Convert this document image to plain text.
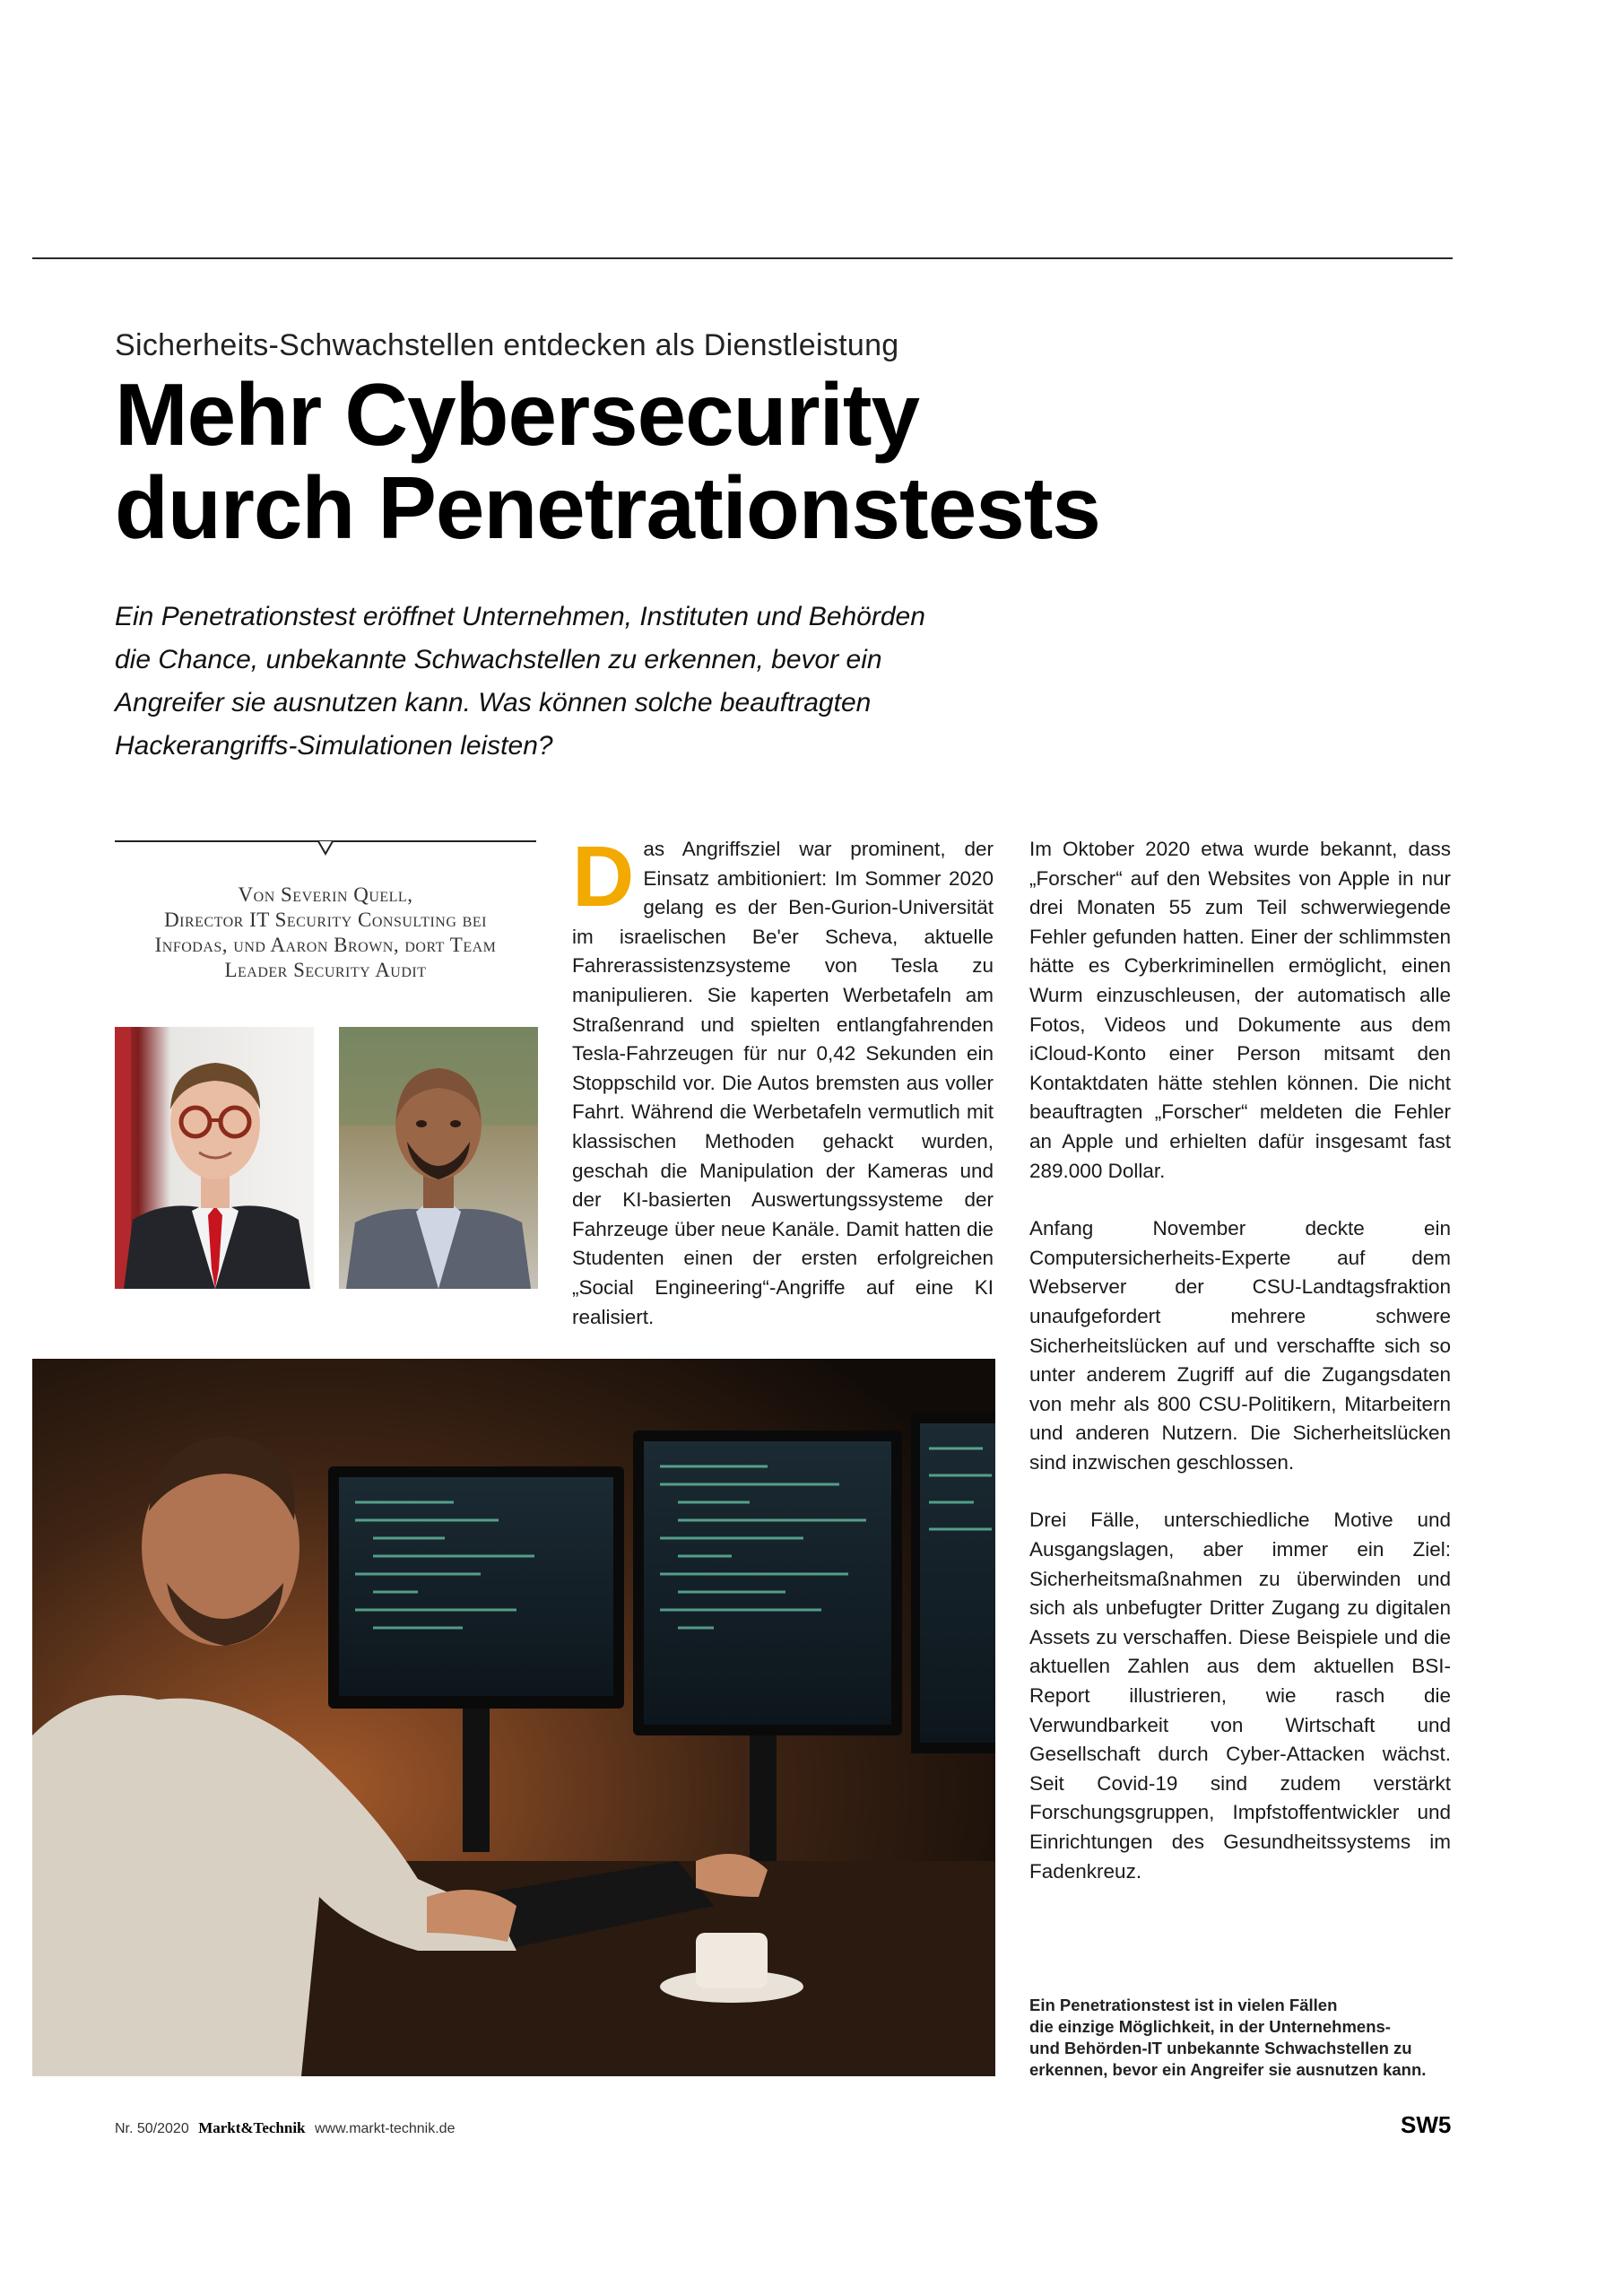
Sicherheits-Schwachstellen entdecken als Dienstleistung
Mehr Cybersecurity
durch Penetrationstests

Ein Penetrationstest eröffnet Unternehmen, Instituten und Behörden

die Chance, unbekannte Schwachstellen zu erkennen, bevor ein

Angreifer sie ausnutzen kann. Was können solche beauftragten

Hackerangriffs-Simulationen leisten?

Von Severin Quell,

Director IT Security Consulting bei

Infodas, und Aaron Brown, dort Team

Leader Security Audit

Das Angriffsziel war prominent, der Einsatz ambitioniert: Im Sommer 2020 gelang es der Ben-Gurion-Universität im israelischen Be'er Scheva, aktuelle Fahrerassistenzsysteme von Tesla zu manipulieren. Sie kaperten Werbetafeln am Straßenrand und spielten entlangfahrenden Tesla-Fahrzeugen für nur 0,42 Sekunden ein Stoppschild vor. Die Autos bremsten aus voller Fahrt. Während die Werbetafeln vermutlich mit klassischen Methoden gehackt wurden, geschah die Manipulation der Kameras und der KI-basierten Auswertungssysteme der Fahrzeuge über neue Kanäle. Damit hatten die Studenten einen der ersten erfolgreichen „Social Engineering“-Angriffe auf eine KI realisiert.

Im Oktober 2020 etwa wurde bekannt, dass „Forscher“ auf den Websites von Apple in nur drei Monaten 55 zum Teil schwerwiegende Fehler gefunden hatten. Einer der schlimmsten hätte es Cyberkriminellen ermöglicht, einen Wurm einzuschleusen, der automatisch alle Fotos, Videos und Dokumente aus dem iCloud-Konto einer Person mitsamt den Kontaktdaten hätte stehlen können. Die nicht beauftragten „Forscher“ meldeten die Fehler an Apple und erhielten dafür insgesamt fast 289.000 Dollar.

Anfang November deckte ein Computersicherheits-Experte auf dem Webserver der CSU-Landtagsfraktion unaufgefordert mehrere schwere Sicherheitslücken auf und verschaffte sich so unter anderem Zugriff auf die Zugangsdaten von mehr als 800 CSU-Politikern, Mitarbeitern und anderen Nutzern. Die Sicherheitslücken sind inzwischen geschlossen.

Drei Fälle, unterschiedliche Motive und Ausgangslagen, aber immer ein Ziel: Sicherheitsmaßnahmen zu überwinden und sich als unbefugter Dritter Zugang zu digitalen Assets zu verschaffen. Diese Beispiele und die aktuellen Zahlen aus dem aktuellen BSI-Report illustrieren, wie rasch die Verwundbarkeit von Wirtschaft und Gesellschaft durch Cyber-Attacken wächst. Seit Covid-19 sind zudem verstärkt Forschungsgruppen, Impfstoffentwickler und Einrichtungen des Gesundheitssystems im Fadenkreuz.

Ein Penetrationstest ist in vielen Fällen

die einzige Möglichkeit, in der Unternehmens-

und Behörden-IT unbekannte Schwachstellen zu

erkennen, bevor ein Angreifer sie ausnutzen kann.

Nr. 50/2020 Markt&Technik www.markt-technik.de	SW5
